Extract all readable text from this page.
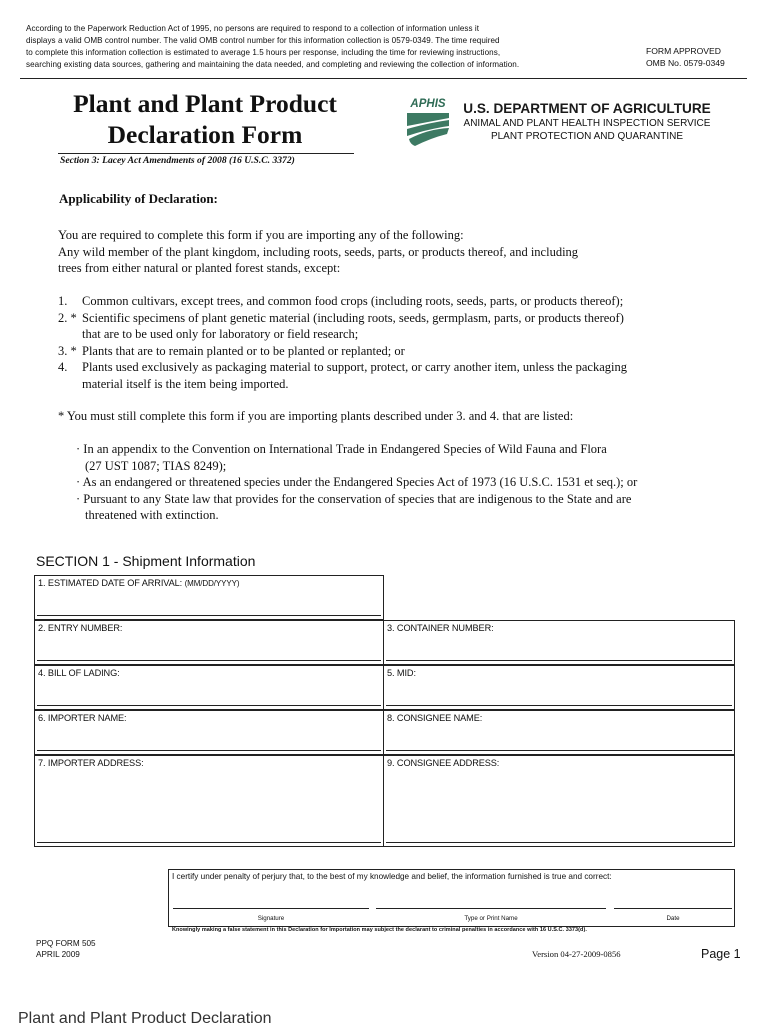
According to the Paperwork Reduction Act of 1995, no persons are required to respond to a collection of information unless it
displays a valid OMB control number. The valid OMB control number for this information collection is 0579-0349. The time required
to complete this information collection is estimated to average 1.5 hours per response, including the time for reviewing instructions,
searching existing data sources, gathering and maintaining the data needed, and completing and reviewing the collection of information.
FORM APPROVED
OMB No. 0579-0349
Plant and Plant Product
Declaration Form
Section 3: Lacey Act Amendments of 2008 (16 U.S.C. 3372)
APHIS U.S. DEPARTMENT OF AGRICULTURE
ANIMAL AND PLANT HEALTH INSPECTION SERVICE
PLANT PROTECTION AND QUARANTINE
Applicability of Declaration:
You are required to complete this form if you are importing any of the following:
Any wild member of the plant kingdom, including roots, seeds, parts, or products thereof, and including
trees from either natural or planted forest stands, except:
1.	Common cultivars, except trees, and common food crops (including roots, seeds, parts, or products thereof);
2. * Scientific specimens of plant genetic material (including roots, seeds, germplasm, parts, or products thereof)
that are to be used only for laboratory or field research;
3. * Plants that are to remain planted or to be planted or replanted; or
4.	Plants used exclusively as packaging material to support, protect, or carry another item, unless the packaging
material itself is the item being imported.
* You must still complete this form if you are importing plants described under 3. and 4. that are listed:
· In an appendix to the Convention on International Trade in Endangered Species of Wild Fauna and Flora
(27 UST 1087; TIAS 8249);
· As an endangered or threatened species under the Endangered Species Act of 1973 (16 U.S.C. 1531 et seq.); or
· Pursuant to any State law that provides for the conservation of species that are indigenous to the State and are
threatened with extinction.
SECTION 1 - Shipment Information
1. ESTIMATED DATE OF ARRIVAL: (MM/DD/YYYY)
2. ENTRY NUMBER:	3. CONTAINER NUMBER:
4. BILL OF LADING:	5. MID:
6. IMPORTER NAME:	8. CONSIGNEE NAME:
7. IMPORTER ADDRESS:	9. CONSIGNEE ADDRESS:
I certify under penalty of perjury that, to the best of my knowledge and belief, the information furnished is true and correct:
Signature	Type or Print Name	Date
Knowingly making a false statement in this Declaration for Importation may subject the declarant to criminal penalties in accordance with 16 U.S.C. 3373(d).
PPQ FORM 505
APRIL 2009	Version 04-27-2009-0856	Page 1
Plant and Plant Product Declaration
